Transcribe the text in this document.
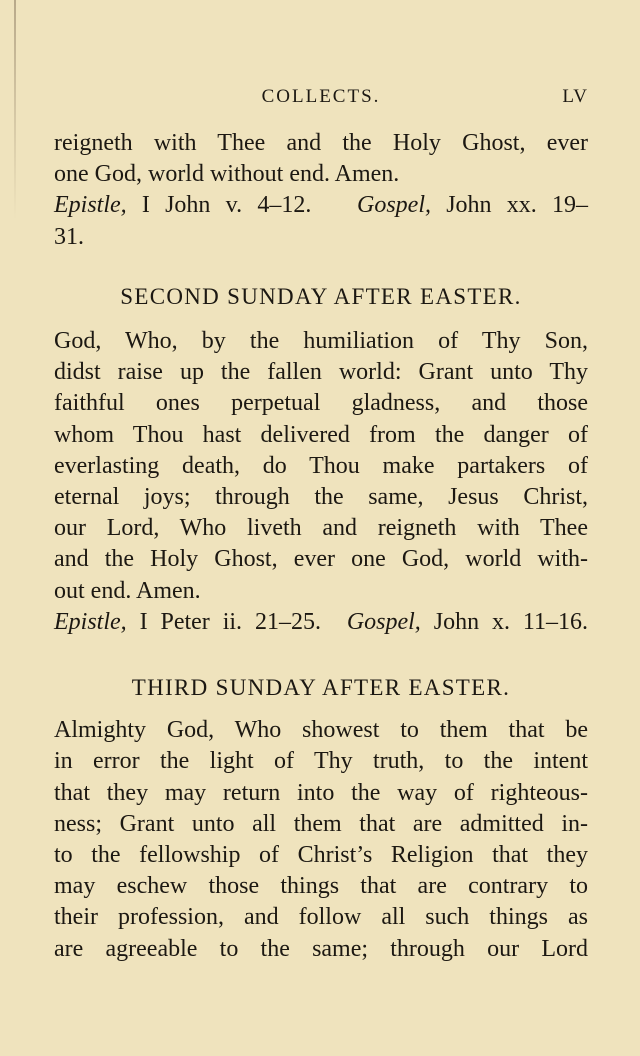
COLLECTS.	LV
reigneth with Thee and the Holy Ghost, ever
one God, world without end. Amen.
Epistle, I John v. 4–12. Gospel, John xx. 19–
31.
SECOND SUNDAY AFTER EASTER.
God, Who, by the humiliation of Thy Son,
didst raise up the fallen world: Grant unto Thy
faithful ones perpetual gladness, and those
whom Thou hast delivered from the danger of
everlasting death, do Thou make partakers of
eternal joys; through the same, Jesus Christ,
our Lord, Who liveth and reigneth with Thee
and the Holy Ghost, ever one God, world with-
out end. Amen.
Epistle, I Peter ii. 21–25. Gospel, John x. 11–16.
THIRD SUNDAY AFTER EASTER.
Almighty God, Who showest to them that be
in error the light of Thy truth, to the intent
that they may return into the way of righteous-
ness; Grant unto all them that are admitted in-
to the fellowship of Christ’s Religion that they
may eschew those things that are contrary to
their profession, and follow all such things as
are agreeable to the same; through our Lord
